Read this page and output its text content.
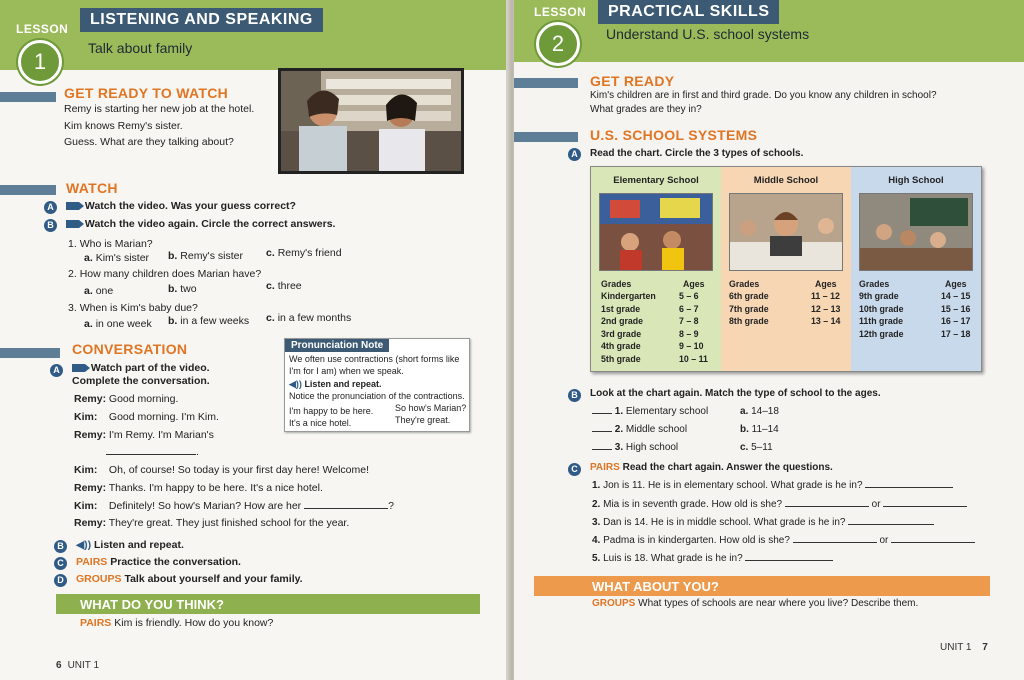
LESSON
LISTENING AND SPEAKING
Talk about family
1
GET READY TO WATCH
Remy is starting her new job at the hotel.
Kim knows Remy's sister.
Guess. What are they talking about?
WATCH
A	Watch the video. Was your guess correct?
B	Watch the video again. Circle the correct answers.
1. Who is Marian?
a. Kim's sister b. Remy's sister c. Remy's friend
2. How many children does Marian have?
a. one	b. two	c. three
3. When is Kim's baby due?
a. in one week b. in a few weeks c. in a few months
CONVERSATION
A	Watch part of the video.
Complete the conversation.
Remy: Good morning.
Kim: Good morning. I'm Kim.
Remy: I'm Remy. I'm Marian's
.
Kim: Oh, of course! So today is your first day here! Welcome!
Remy: Thanks. I'm happy to be here. It's a nice hotel.
Kim: Definitely! So how's Marian? How are her	?
Remy: They're great. They just finished school for the year.
B	◀)) Listen and repeat.
C	PAIRS Practice the conversation.
D	GROUPS Talk about yourself and your family.
Pronunciation Note
We often use contractions (short forms like
I'm for I am) when we speak.
◀)) Listen and repeat.
Notice the pronunciation of the contractions.
I'm happy to be here. So how's Marian?
It's a nice hotel.	They're great.
WHAT DO YOU THINK?
PAIRS Kim is friendly. How do you know?
6 UNIT 1
LESSON	PRACTICAL SKILLS
Understand U.S. school systems
2
GET READY
Kim's children are in first and third grade. Do you know any children in school?
What grades are they in?
U.S. SCHOOL SYSTEMS
A	Read the chart. Circle the 3 types of schools.
B	Look at the chart again. Match the type of school to the ages.
1. Elementary school	a. 14–18
2. Middle school	b. 11–14
3. High school	c. 5–11
C	PAIRS Read the chart again. Answer the questions.
1. Jon is 11. He is in elementary school. What grade is he in?
2. Mia is in seventh grade. How old is she?	or
3. Dan is 14. He is in middle school. What grade is he in?
4. Padma is in kindergarten. How old is she?	or
5. Luis is 18. What grade is he in?
WHAT ABOUT YOU?
GROUPS What types of schools are near where you live? Describe them.
UNIT 1 7
Elementary School
Grades	Ages
Kindergarten	5 – 6
1st grade	6 – 7
2nd grade	7 – 8
3rd grade	8 – 9
4th grade	9 – 10
5th grade	10 – 11
Middle School
Grades	Ages
6th grade	11 – 12
7th grade	12 – 13
8th grade	13 – 14
High School
Grades	Ages
9th grade	14 – 15
10th grade	15 – 16
11th grade	16 – 17
12th grade	17 – 18
